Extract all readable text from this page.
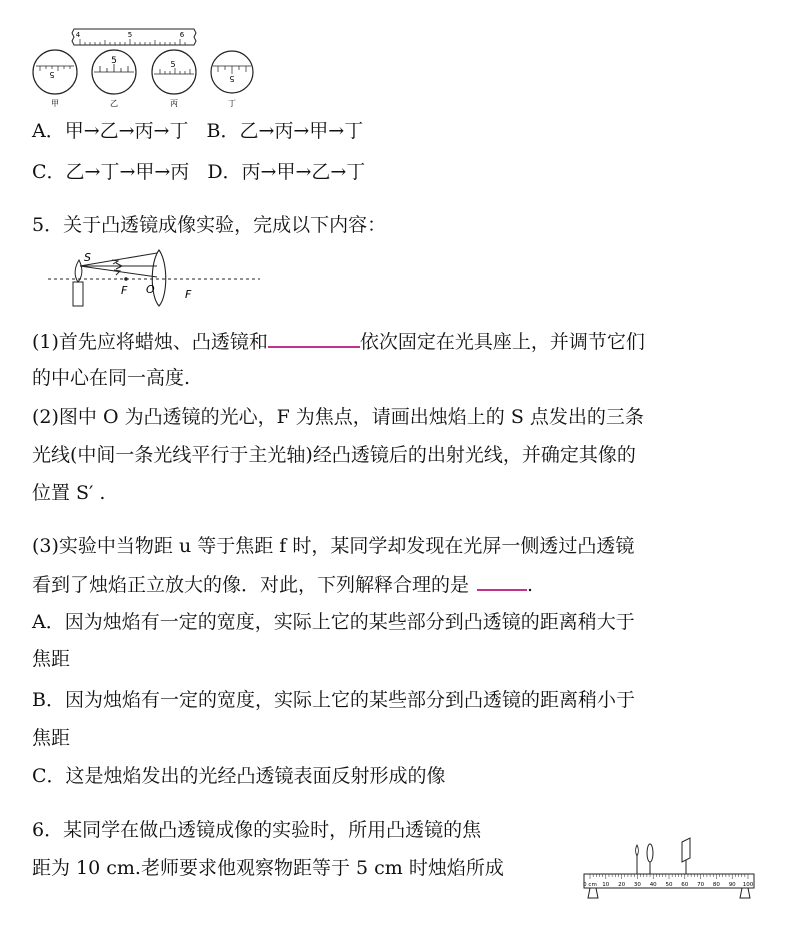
4	5	6
5
甲
5
乙
5
丙
5
丁
A．甲→乙→丙→丁 B．乙→丙→甲→丁
C．乙→丁→甲→丙 D．丙→甲→乙→丁
5．关于凸透镜成像实验，完成以下内容：
S
F O	F
(1)首先应将蜡烛、凸透镜和	依次固定在光具座上，并调节它们
的中心在同一高度.
(2)图中 O 为凸透镜的光心，F 为焦点，请画出烛焰上的 S 点发出的三条
光线(中间一条光线平行于主光轴)经凸透镜后的出射光线，并确定其像的
位置 S′ .
(3)实验中当物距 u 等于焦距 f 时，某同学却发现在光屏一侧透过凸透镜
看到了烛焰正立放大的像．对此，下列解释合理的是	.
A．因为烛焰有一定的宽度，实际上它的某些部分到凸透镜的距离稍大于
焦距
B．因为烛焰有一定的宽度，实际上它的某些部分到凸透镜的距离稍小于
焦距
C．这是烛焰发出的光经凸透镜表面反射形成的像
6．某同学在做凸透镜成像的实验时，所用凸透镜的焦
距为 10 cm.老师要求他观察物距等于 5 cm 时烛焰所成
0 cm 10 20 30 40 50 60 70 80 90 100
